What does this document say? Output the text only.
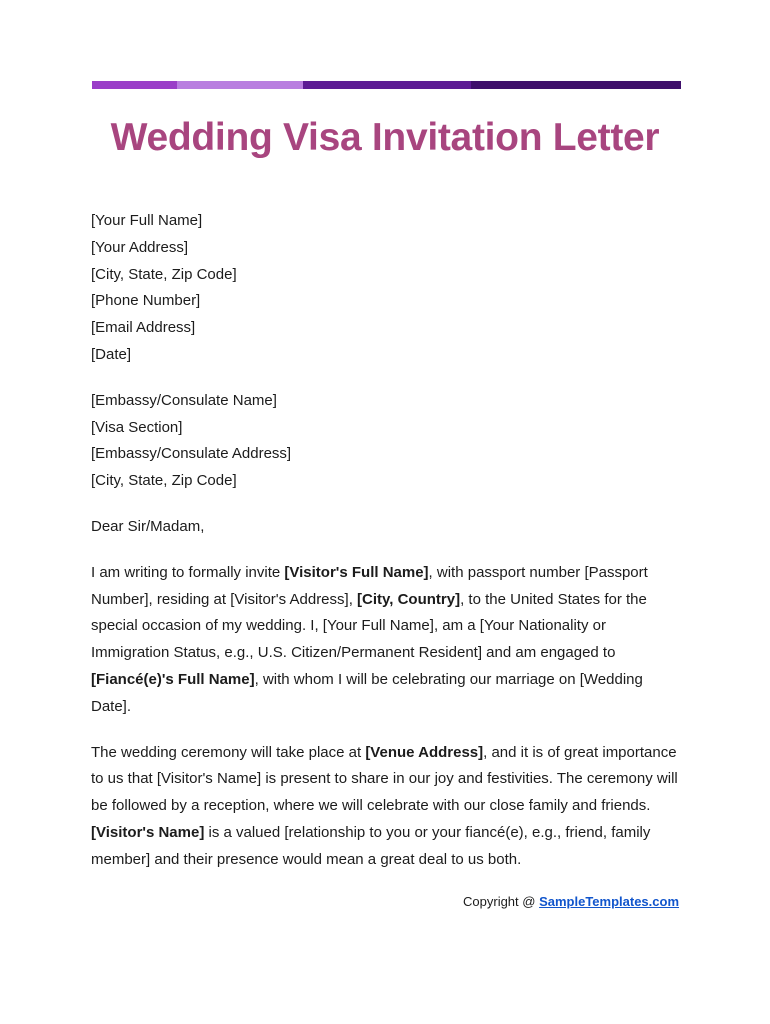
Wedding Visa Invitation Letter
[Your Full Name]
[Your Address]
[City, State, Zip Code]
[Phone Number]
[Email Address]
[Date]
[Embassy/Consulate Name]
[Visa Section]
[Embassy/Consulate Address]
[City, State, Zip Code]

Dear Sir/Madam,

I am writing to formally invite [Visitor's Full Name], with passport number [Passport Number], residing at [Visitor's Address], [City, Country], to the United States for the special occasion of my wedding. I, [Your Full Name], am a [Your Nationality or Immigration Status, e.g., U.S. Citizen/Permanent Resident] and am engaged to [Fiancé(e)'s Full Name], with whom I will be celebrating our marriage on [Wedding Date].

The wedding ceremony will take place at [Venue Address], and it is of great importance to us that [Visitor's Name] is present to share in our joy and festivities. The ceremony will be followed by a reception, where we will celebrate with our close family and friends. [Visitor's Name] is a valued [relationship to you or your fiancé(e), e.g., friend, family member] and their presence would mean a great deal to us both.

Copyright @ SampleTemplates.com
